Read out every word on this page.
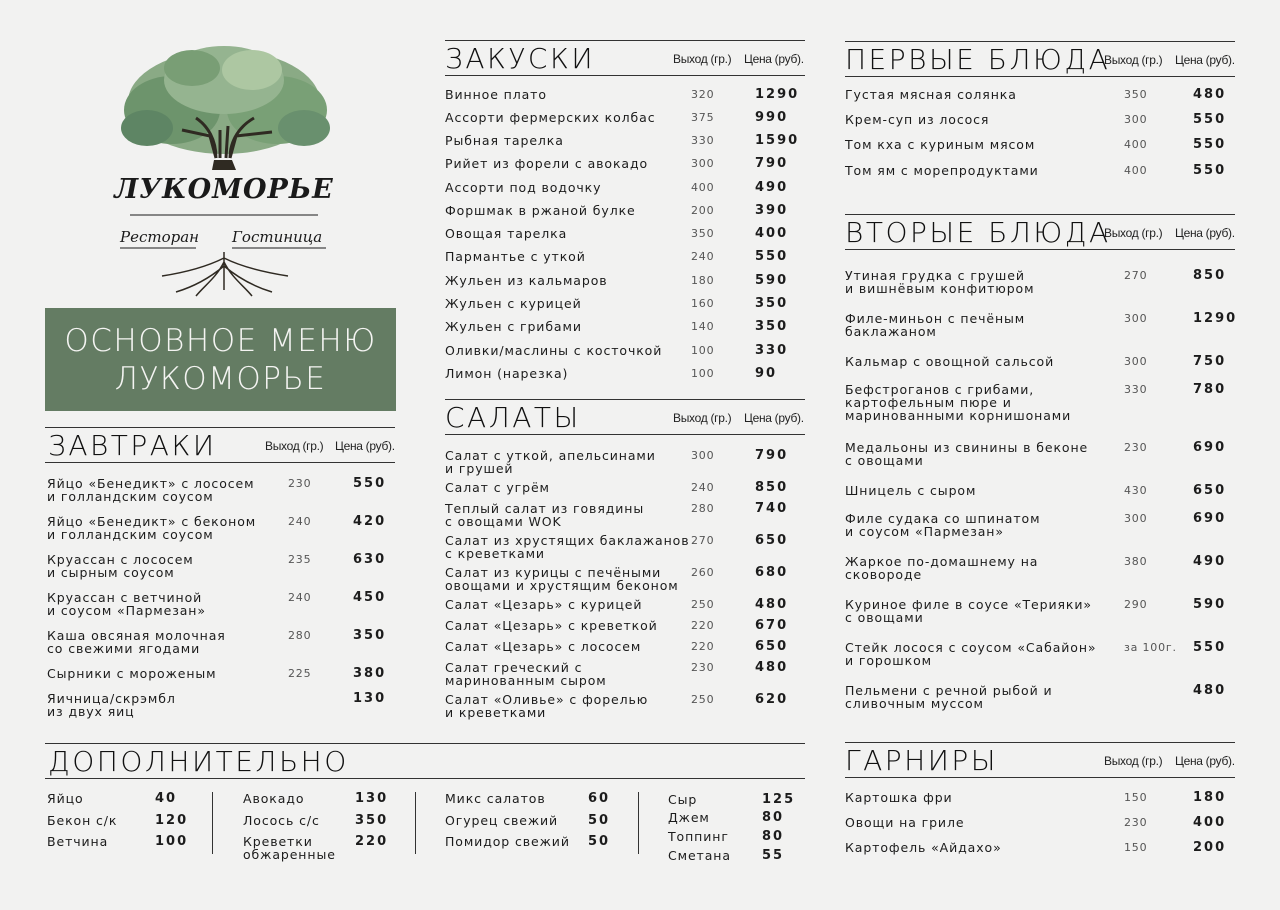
ЛУКОМОРЬЕ
Ресторан Гостиница
ОСНОВНОЕ МЕНЮ
ЛУКОМОРЬЕ
ЗАКУСКИ	Выход (гр.) Цена (руб).
САЛАТЫ	Выход (гр.) Цена (руб).
ЗАВТРАКИ	Выход (гр.) Цена (руб).
ПЕРВЫЕ БЛЮДА
Выход (гр.) Цена (руб).
ВТОРЫЕ БЛЮДА
Выход (гр.) Цена (руб).
ГАРНИРЫ	Выход (гр.) Цена (руб).
ДОПОЛНИТЕЛЬНО
Винное плато	320	1290
Ассорти фермерских колбас	375	990
Рыбная тарелка	330	1590
Рийет из форели с авокадо	300	790
Ассорти под водочку	400	490
Форшмак в ржаной булке	200	390
Овощая тарелка	350	400
Пармантье с уткой	240	550
Жульен из кальмаров	180	590
Жульен с курицей	160	350
Жульен с грибами	140	350
Оливки/маслины с косточкой	100	330
Лимон (нарезка)	100	90
Салат с уткой, апельсинами
и грушей
300	790
Салат с угрём	240	850
Теплый салат из говядины
с овощами WOK
280	740
Салат из хрустящих баклажанов
с креветками
270	650
Салат из курицы с печёными
овощами и хрустящим беконом
260	680
Салат «Цезарь» с курицей	250	480
Салат «Цезарь» с креветкой	220	670
Салат «Цезарь» с лососем	220	650
Салат греческий с
маринованным сыром
230	480
Салат «Оливье» с форелью
и креветками
250	620
Яйцо «Бенедикт» с лососем
и голландским соусом
230	550
Яйцо «Бенедикт» с беконом
и голландским соусом
240	420
Круассан с лососем
и сырным соусом
235	630
Круассан с ветчиной
и соусом «Пармезан»
240	450
Каша овсяная молочная
со свежими ягодами
280	350
Сырники с мороженым	225	380
Яичница/скрэмбл
из двух яиц
130
Густая мясная солянка	350	480
Крем-суп из лосося	300	550
Том кха с куриным мясом	400	550
Том ям с морепродуктами	400	550
Утиная грудка с грушей
и вишнёвым конфитюром
270	850
Филе-миньон с печёным
баклажаном
300	1290
Кальмар с овощной сальсой	300	750
Бефстроганов с грибами,
картофельным пюре и
маринованными корнишонами
330	780
Медальоны из свинины в беконе
с овощами
230	690
Шницель с сыром	430	650
Филе судака со шпинатом
и соусом «Пармезан»
300	690
Жаркое по-домашнему на
сковороде
380	490
Куриное филе в соусе «Терияки»
с овощами
290	590
Стейк лосося с соусом «Сабайон»
и горошком
за 100г. 550
Пельмени с речной рыбой и
сливочным муссом
480
Картошка фри	150	180
Овощи на гриле	230	400
Картофель «Айдахо»	150	200
Яйцо	40
Бекон с/к	120
Ветчина	100
Авокадо	130
Лосось с/с	350
Креветки
обжаренные
220
Микс салатов	60
Огурец свежий 50
Помидор свежий 50
Сыр	125
Джем	80
Топпинг	80
Сметана 55
